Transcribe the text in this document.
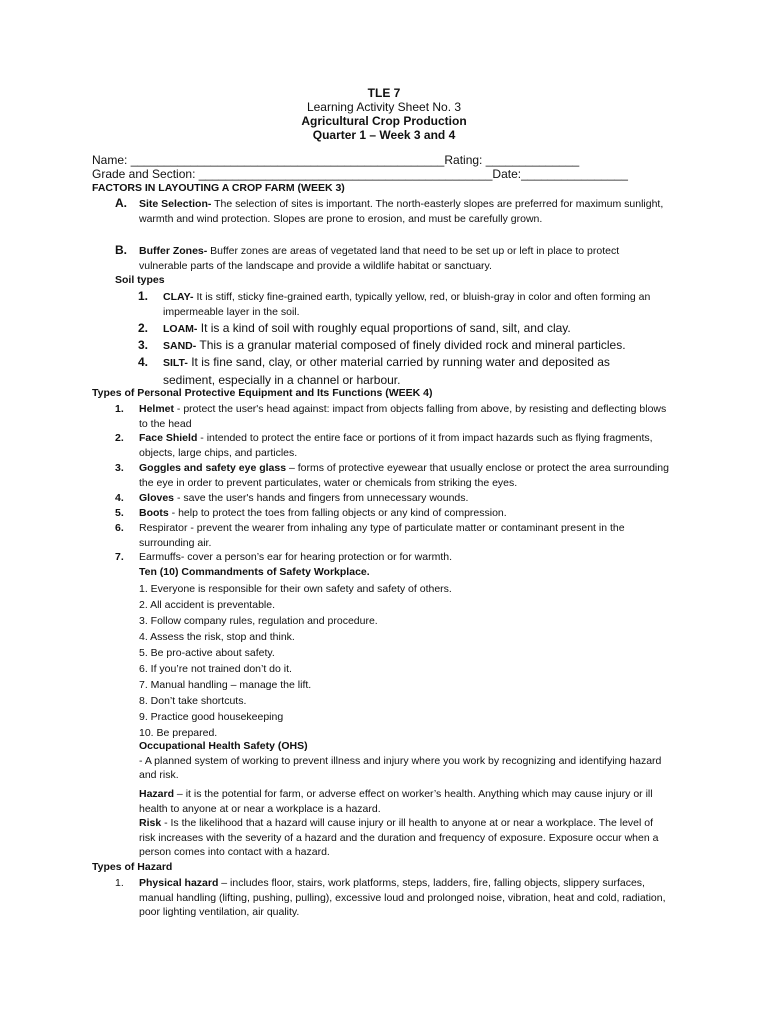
TLE 7
Learning Activity Sheet No. 3
Agricultural Crop Production
Quarter 1 – Week 3 and 4
Name: _______________________________________________Rating: ______________
Grade and Section: ____________________________________________Date:________________
FACTORS IN LAYOUTING A CROP FARM (WEEK 3)
A. Site Selection- The selection of sites is important. The north-easterly slopes are preferred for maximum sunlight, warmth and wind protection. Slopes are prone to erosion, and must be carefully grown.
B. Buffer Zones- Buffer zones are areas of vegetated land that need to be set up or left in place to protect vulnerable parts of the landscape and provide a wildlife habitat or sanctuary.
Soil types
1. CLAY- It is stiff, sticky fine-grained earth, typically yellow, red, or bluish-gray in color and often forming an impermeable layer in the soil.
2. LOAM- It is a kind of soil with roughly equal proportions of sand, silt, and clay.
3. SAND- This is a granular material composed of finely divided rock and mineral particles.
4. SILT- It is fine sand, clay, or other material carried by running water and deposited as sediment, especially in a channel or harbour.
Types of Personal Protective Equipment and Its Functions (WEEK 4)
1. Helmet - protect the user's head against: impact from objects falling from above, by resisting and deflecting blows to the head
2. Face Shield - intended to protect the entire face or portions of it from impact hazards such as flying fragments, objects, large chips, and particles.
3. Goggles and safety eye glass – forms of protective eyewear that usually enclose or protect the area surrounding the eye in order to prevent particulates, water or chemicals from striking the eyes.
4. Gloves - save the user's hands and fingers from unnecessary wounds.
5. Boots - help to protect the toes from falling objects or any kind of compression.
6. Respirator - prevent the wearer from inhaling any type of particulate matter or contaminant present in the surrounding air.
7. Earmuffs- cover a person’s ear for hearing protection or for warmth.
Ten (10) Commandments of Safety Workplace.
1. Everyone is responsible for their own safety and safety of others.
2. All accident is preventable.
3. Follow company rules, regulation and procedure.
4. Assess the risk, stop and think.
5. Be pro-active about safety.
6. If you’re not trained don’t do it.
7. Manual handling – manage the lift.
8. Don’t take shortcuts.
9. Practice good housekeeping
10. Be prepared.
Occupational Health Safety (OHS)
- A planned system of working to prevent illness and injury where you work by recognizing and identifying hazard and risk.
Hazard – it is the potential for farm, or adverse effect on worker’s health. Anything which may cause injury or ill health to anyone at or near a workplace is a hazard.
Risk - Is the likelihood that a hazard will cause injury or ill health to anyone at or near a workplace. The level of risk increases with the severity of a hazard and the duration and frequency of exposure. Exposure occur when a person comes into contact with a hazard.
Types of Hazard
1. Physical hazard – includes floor, stairs, work platforms, steps, ladders, fire, falling objects, slippery surfaces, manual handling (lifting, pushing, pulling), excessive loud and prolonged noise, vibration, heat and cold, radiation, poor lighting ventilation, air quality.
